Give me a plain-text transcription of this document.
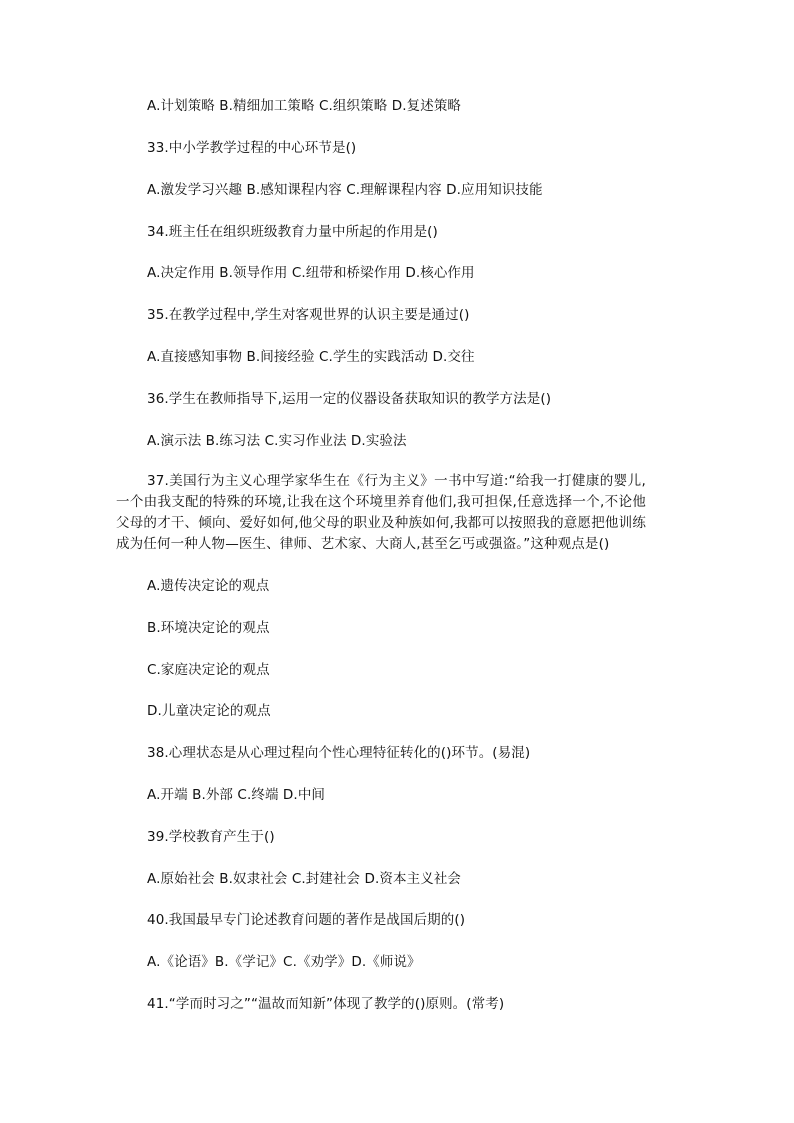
A.计划策略 B.精细加工策略 C.组织策略 D.复述策略

33.中小学教学过程的中心环节是()

A.激发学习兴趣 B.感知课程内容 C.理解课程内容 D.应用知识技能

34.班主任在组织班级教育力量中所起的作用是()

A.决定作用 B.领导作用 C.纽带和桥梁作用 D.核心作用

35.在教学过程中,学生对客观世界的认识主要是通过()

A.直接感知事物 B.间接经验 C.学生的实践活动 D.交往

36.学生在教师指导下,运用一定的仪器设备获取知识的教学方法是()

A.演示法 B.练习法 C.实习作业法 D.实验法

37.美国行为主义心理学家华生在《行为主义》一书中写道:“给我一打健康的婴儿,一个由我支配的特殊的环境,让我在这个环境里养育他们,我可担保,任意选择一个,不论他父母的才干、倾向、爱好如何,他父母的职业及种族如何,我都可以按照我的意愿把他训练成为任何一种人物—医生、律师、艺术家、大商人,甚至乞丐或强盗。”这种观点是()

A.遗传决定论的观点

B.环境决定论的观点

C.家庭决定论的观点

D.儿童决定论的观点

38.心理状态是从心理过程向个性心理特征转化的()环节。(易混)

A.开端 B.外部 C.终端 D.中间

39.学校教育产生于()

A.原始社会 B.奴隶社会 C.封建社会 D.资本主义社会

40.我国最早专门论述教育问题的著作是战国后期的()

A.《论语》B.《学记》C.《劝学》D.《师说》

41.“学而时习之”“温故而知新”体现了教学的()原则。(常考)
